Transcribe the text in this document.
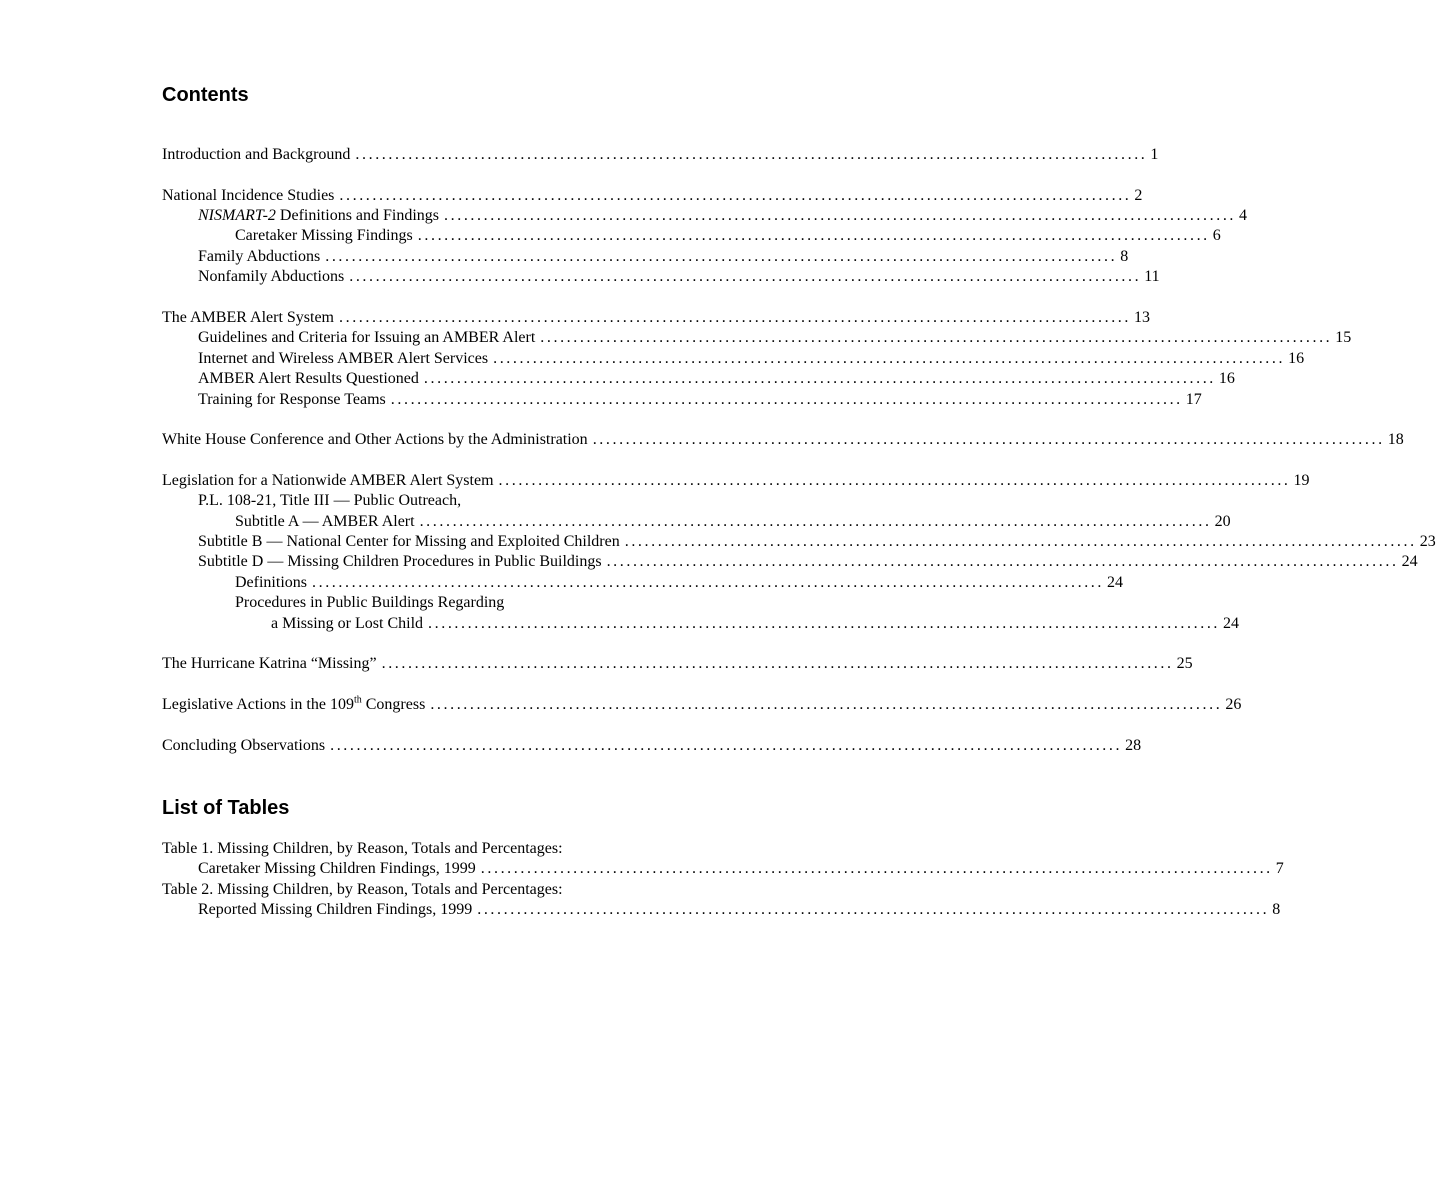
Contents
Introduction and Background ........................................................................................................................ 1
National Incidence Studies ........................................................................................................................ 2
NISMART-2 Definitions and Findings ........................................................................................................................ 4
Caretaker Missing Findings ........................................................................................................................ 6
Family Abductions ........................................................................................................................ 8
Nonfamily Abductions ........................................................................................................................ 11
The AMBER Alert System ........................................................................................................................ 13
Guidelines and Criteria for Issuing an AMBER Alert ........................................................................................................................ 15
Internet and Wireless AMBER Alert Services ........................................................................................................................ 16
AMBER Alert Results Questioned ........................................................................................................................ 16
Training for Response Teams ........................................................................................................................ 17
White House Conference and Other Actions by the Administration ........................................................................................................................ 18
Legislation for a Nationwide AMBER Alert System ........................................................................................................................ 19
P.L. 108-21, Title III — Public Outreach,
Subtitle A — AMBER Alert ........................................................................................................................ 20
Subtitle B — National Center for Missing and Exploited Children ........................................................................................................................ 23
Subtitle D — Missing Children Procedures in Public Buildings ........................................................................................................................ 24
Definitions ........................................................................................................................ 24
Procedures in Public Buildings Regarding
a Missing or Lost Child ........................................................................................................................ 24
The Hurricane Katrina “Missing” ........................................................................................................................ 25
Legislative Actions in the 109th Congress ........................................................................................................................ 26
Concluding Observations ........................................................................................................................ 28
List of Tables
Table 1. Missing Children, by Reason, Totals and Percentages:
Caretaker Missing Children Findings, 1999 ........................................................................................................................ 7
Table 2. Missing Children, by Reason, Totals and Percentages:
Reported Missing Children Findings, 1999 ........................................................................................................................ 8
